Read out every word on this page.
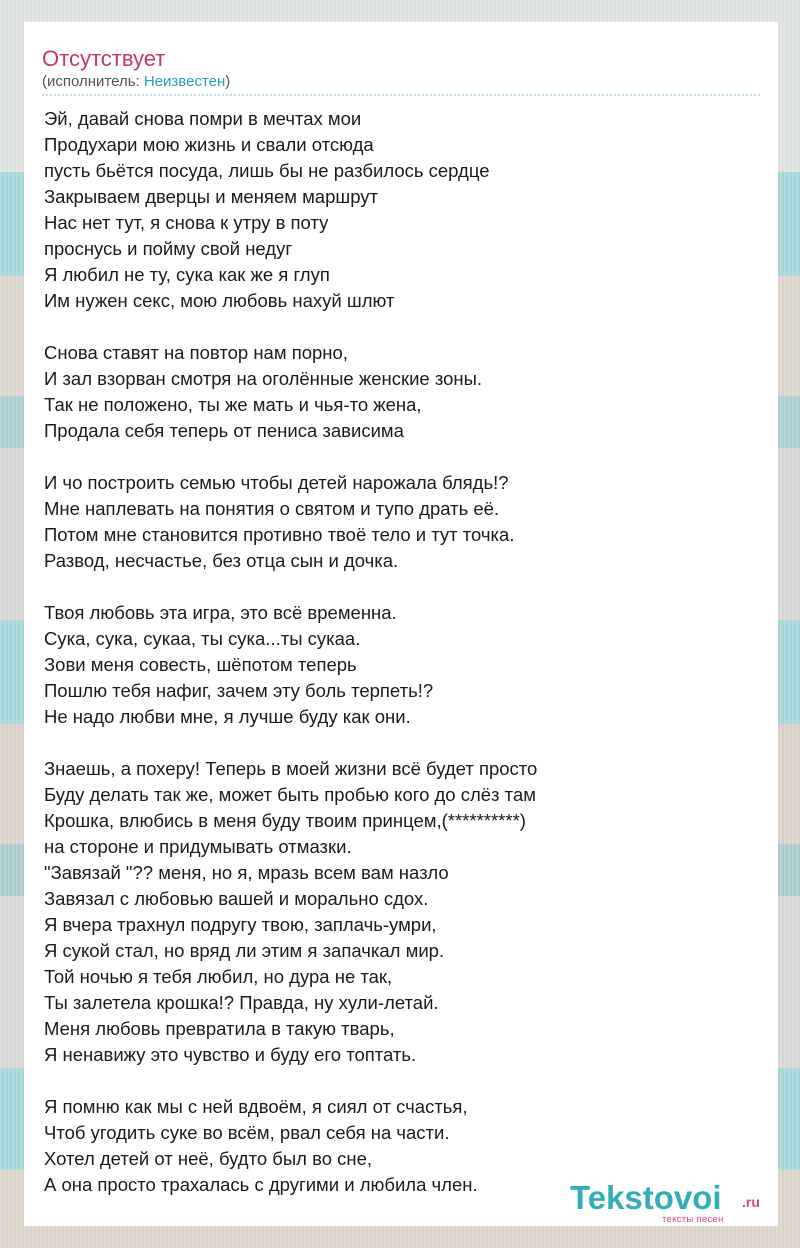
Отсутствует
(исполнитель: Неизвестен)
Эй, давай снова помри в мечтах мои
Продухари мою жизнь и свали отсюда
пусть бьётся посуда, лишь бы не разбилось сердце
Закрываем дверцы и меняем маршрут
Нас нет тут, я снова к утру в поту
проснусь и пойму свой недуг
Я любил не ту, сука как же я глуп
Им нужен секс, мою любовь нахуй шлют

Снова ставят на повтор нам порно,
И зал взорван смотря на оголённые женские зоны.
Так не положено, ты же мать и чья-то жена,
Продала себя теперь от пениса зависима

И чо построить семью чтобы детей нарожала блядь!?
Мне наплевать на понятия о святом и тупо драть её.
Потом мне становится противно твоё тело и тут точка.
Развод, несчастье, без отца сын и дочка.

Твоя любовь эта игра, это всё временна.
Сука, сука, сукаа, ты сука...ты сукаа.
Зови меня совесть, шёпотом теперь
Пошлю тебя нафиг, зачем эту боль терпеть!?
Не надо любви мне, я лучше буду как они.

Знаешь, а похеру! Теперь в моей жизни всё будет просто
Буду делать так же, может быть пробью кого до слёз там
Крошка, влюбись в меня буду твоим принцем,(**********)
на стороне и придумывать отмазки.
"Завязай "?? меня, но я, мразь всем вам назло
Завязал с любовью вашей и морально сдох.
Я вчера трахнул подругу твою, заплачь-умри,
Я сукой стал, но вряд ли этим я запачкал мир.
Той ночью я тебя любил, но дура не так,
Ты залетела крошка!? Правда, ну хули-летай.
Меня любовь превратила в такую тварь,
Я ненавижу это чувство и буду его топтать.

Я помню как мы с ней вдвоём, я сиял от счастья,
Чтоб угодить суке во всём, рвал себя на части.
Хотел детей от неё, будто был во сне,
А она просто трахалась с другими и любила член.	Tekstovoi .ru
тексты песен
